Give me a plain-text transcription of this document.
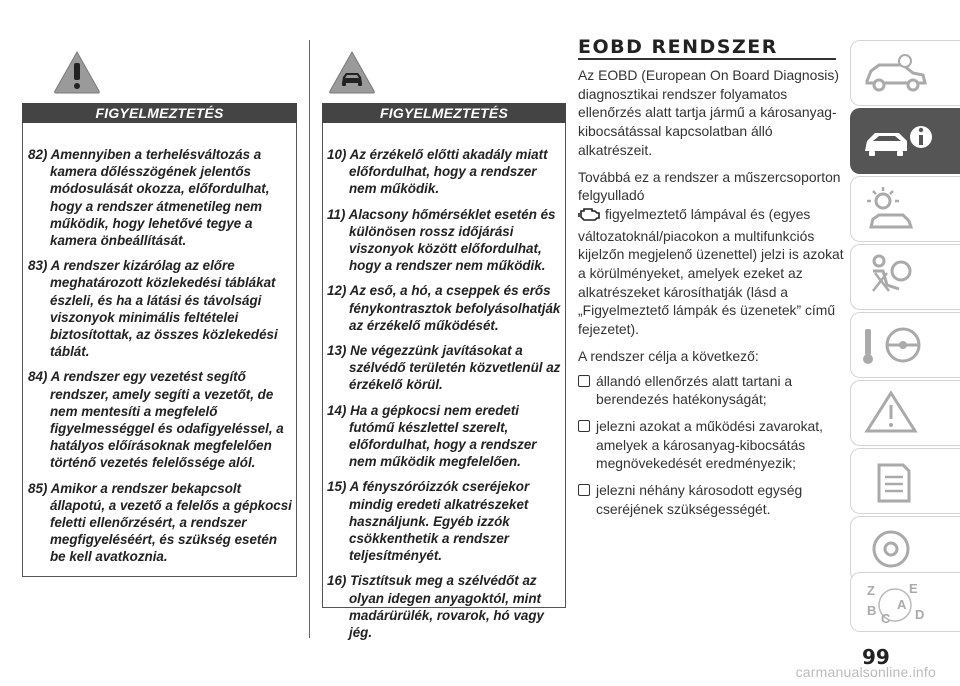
FIGYELMEZTETÉS
82) Amennyiben a terhelésváltozás a kamera dőlésszögének jelentős módosulását okozza, előfordulhat, hogy a rendszer átmenetileg nem működik, hogy lehetővé tegye a kamera önbeállítását.
83) A rendszer kizárólag az előre meghatározott közlekedési táblákat észleli, és ha a látási és távolsági viszonyok minimális feltételei biztosítottak, az összes közlekedési táblát.
84) A rendszer egy vezetést segítő rendszer, amely segíti a vezetőt, de nem mentesíti a megfelelő figyelmességgel és odafigyeléssel, a hatályos előírásoknak megfelelően történő vezetés felelőssége alól.
85) Amikor a rendszer bekapcsolt állapotú, a vezető a felelős a gépkocsi feletti ellenőrzésért, a rendszer megfigyeléséért, és szükség esetén be kell avatkoznia.
FIGYELMEZTETÉS
10) Az érzékelő előtti akadály miatt előfordulhat, hogy a rendszer nem működik.
11) Alacsony hőmérséklet esetén és különösen rossz időjárási viszonyok között előfordulhat, hogy a rendszer nem működik.
12) Az eső, a hó, a cseppek és erős fénykontrasztok befolyásolhatják az érzékelő működését.
13) Ne végezzünk javításokat a szélvédő területén közvetlenül az érzékelő körül.
14) Ha a gépkocsi nem eredeti futómű készlettel szerelt, előfordulhat, hogy a rendszer nem működik megfelelően.
15) A fényszóróizzók cseréjekor mindig eredeti alkatrészeket használjunk. Egyéb izzók csökkenthetik a rendszer teljesítményét.
16) Tisztítsuk meg a szélvédőt az olyan idegen anyagoktól, mint madárürülék, rovarok, hó vagy jég.
EOBD RENDSZER

Az EOBD (European On Board Diagnosis) diagnosztikai rendszer folyamatos ellenőrzés alatt tartja jármű a károsanyag-kibocsátással kapcsolatban álló alkatrészeit.

Továbbá ez a rendszer a műszercsoporton felgyulladó
figyelmeztető lámpával és (egyes változatoknál/piacokon a multifunkciós kijelzőn megjelenő üzenettel) jelzi is azokat a körülményeket, amelyek ezeket az alkatrészeket károsíthatják (lásd a „Figyelmeztető lámpák és üzenetek” című fejezetet).

A rendszer célja a következő:

állandó ellenőrzés alatt tartani a berendezés hatékonyságát;

jelezni azokat a működési zavarokat, amelyek a károsanyag-kibocsátás megnövekedését eredményezik;

jelezni néhány károsodott egység cseréjének szükségességét.

Z	E
A
B
C D
99
carmanualsonline.info
